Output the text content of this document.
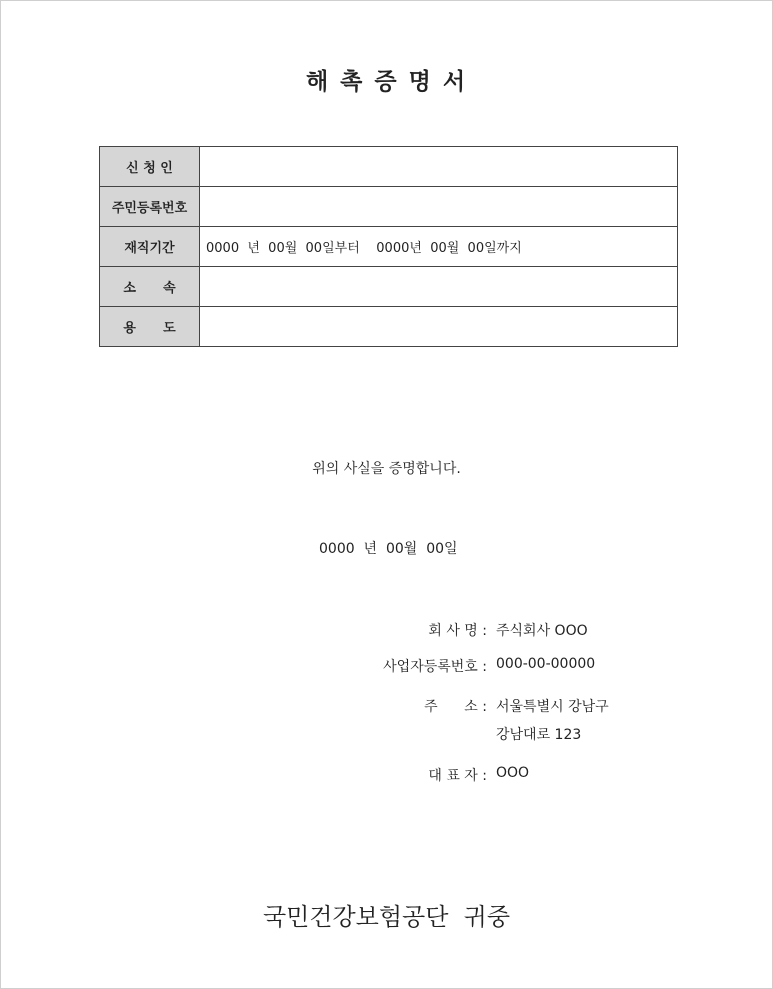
해 촉 증 명 서
신 청 인	
주민등록번호	
재직기간	0000  년  00월  00일부터    0000년  00월  00일까지
소      속	
용      도	
위의 사실을 증명합니다.
0000  년  00월  00일
회 사 명 : 주식회사 OOO
사업자등록번호 : 000-00-00000
주      소 : 서울특별시 강남구
강남대로 123
대 표 자 : OOO
국민건강보험공단  귀중
